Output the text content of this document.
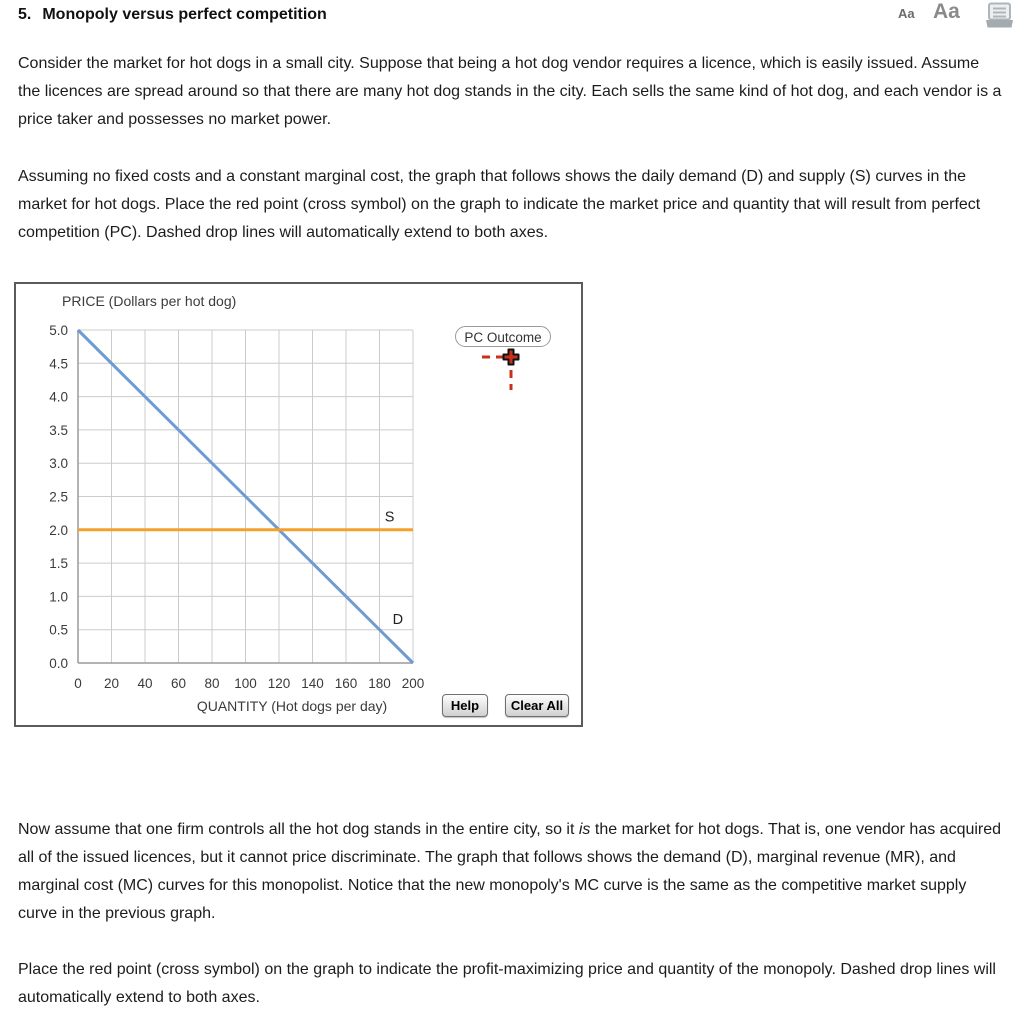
5. Monopoly versus perfect competition	Aa Aa
Consider the market for hot dogs in a small city. Suppose that being a hot dog vendor requires a licence, which is easily issued. Assume the licences are spread around so that there are many hot dog stands in the city. Each sells the same kind of hot dog, and each vendor is a price taker and possesses no market power.
Assuming no fixed costs and a constant marginal cost, the graph that follows shows the daily demand (D) and supply (S) curves in the market for hot dogs. Place the red point (cross symbol) on the graph to indicate the market price and quantity that will result from perfect competition (PC). Dashed drop lines will automatically extend to both axes.
0 20 40 60 80 100 120 140 160 180 200
0.0
0.5
1.0
1.5
2.0
2.5
3.0
3.5
4.0
4.5
5.0
D
S
PRICE (Dollars per hot dog)
QUANTITY (Hot dogs per day)
PC Outcome
Help	Clear All
Now assume that one firm controls all the hot dog stands in the entire city, so it is the market for hot dogs. That is, one vendor has acquired all of the issued licences, but it cannot price discriminate. The graph that follows shows the demand (D), marginal revenue (MR), and marginal cost (MC) curves for this monopolist. Notice that the new monopoly's MC curve is the same as the competitive market supply curve in the previous graph.
Place the red point (cross symbol) on the graph to indicate the profit-maximizing price and quantity of the monopoly. Dashed drop lines will automatically extend to both axes.
